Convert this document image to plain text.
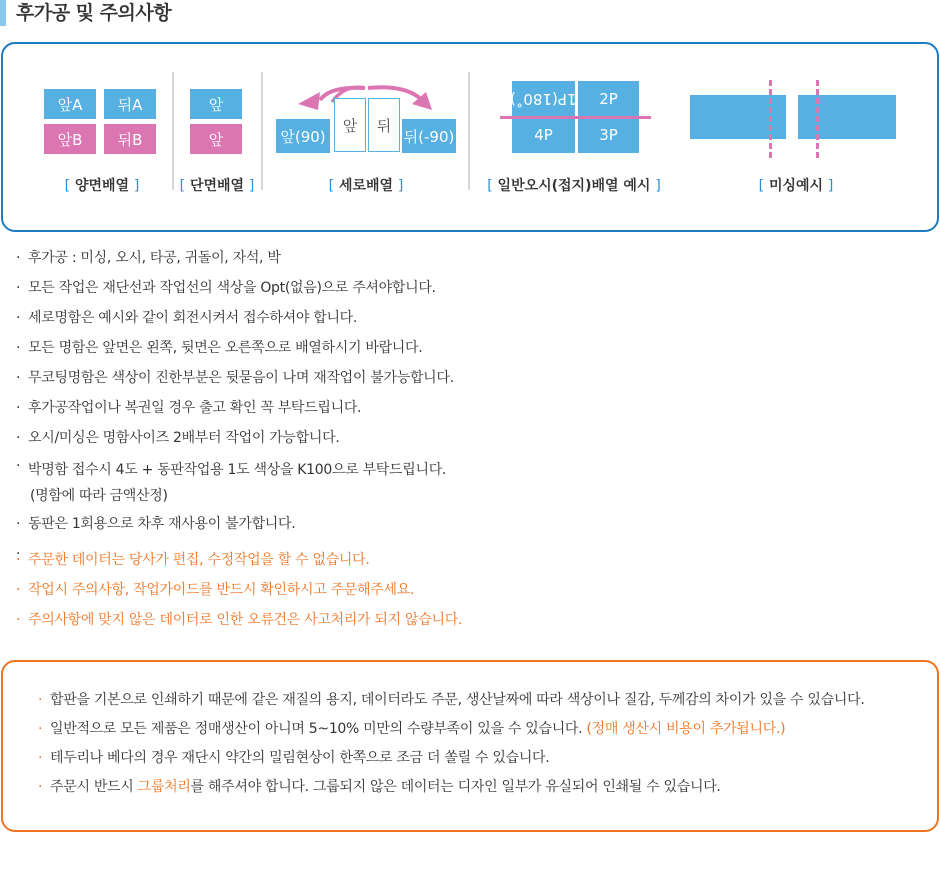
후가공 및 주의사항
앞A	뒤A
앞B	뒤B
[ 양면배열 ]
앞
앞
[ 단면배열 ]
앞(90)
앞 뒤
뒤(-90)
[ 세로배열 ]
1P(180˚)	2P
4P	3P
[ 일반오시(접지)배열 예시 ]	[ 미싱예시 ]
· 후가공 : 미싱, 오시, 타공, 귀돌이, 자석, 박
· 모든 작업은 재단선과 작업선의 색상을 Opt(없음)으로 주셔야합니다.
· 세로명함은 예시와 같이 회전시켜서 접수하셔야 합니다.
· 모든 명함은 앞면은 왼쪽, 뒷면은 오른쪽으로 배열하시기 바랍니다.
· 무코팅명함은 색상이 진한부분은 뒷묻음이 나며 재작업이 불가능합니다.
· 후가공작업이나 복권일 경우 출고 확인 꼭 부탁드립니다.
· 오시/미싱은 명함사이즈 2배부터 작업이 가능합니다.
· 박명함 접수시 4도 + 동판작업용 1도 색상을 K100으로 부탁드립니다.
(명함에 따라 금액산정)
· 동판은 1회용으로 차후 재사용이 불가합니다.
·
· 주문한 데이터는 당사가 편집, 수정작업을 할 수 없습니다.
· 작업시 주의사항, 작업가이드를 반드시 확인하시고 주문해주세요.
· 주의사항에 맞지 않은 데이터로 인한 오류건은 사고처리가 되지 않습니다.
· 합판을 기본으로 인쇄하기 때문에 같은 재질의 용지, 데이터라도 주문, 생산날짜에 따라 색상이나 질감, 두께감의 차이가 있을 수 있습니다.
· 일반적으로 모든 제품은 정매생산이 아니며 5~10% 미만의 수량부족이 있을 수 있습니다. (정매 생산시 비용이 추가됩니다.)
· 테두리나 베다의 경우 재단시 약간의 밀림현상이 한쪽으로 조금 더 쏠릴 수 있습니다.
· 주문시 반드시 그룹처리를 해주셔야 합니다. 그룹되지 않은 데이터는 디자인 일부가 유실되어 인쇄될 수 있습니다.
